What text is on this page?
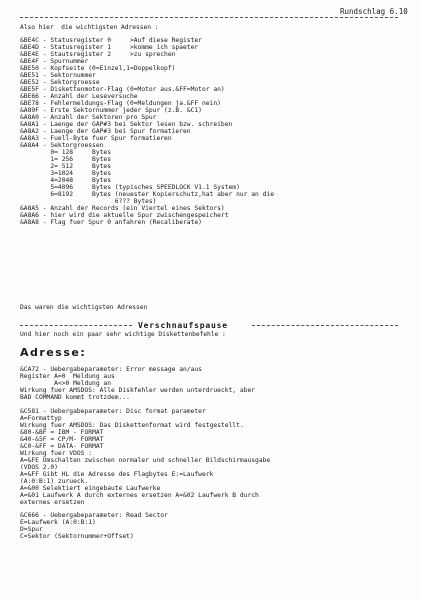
Rundschlag 6.10
Also hier  die wichtigsten Adressen :
&BE4C - Statusregister 0     >Auf diese Register
&BE4D - Statusregister 1     >komme ich spaeter
&BE4E - Stautsregister 2     >zu sprechen
&BE4F - Spurnummer
&BE50 - Kopfseite (0=Einzel,1=Doppelkopf)
&BE51 - Sektornummer
&BE52 - Sektorgroesse
&BE5F - Diskettenmotor-Flag (0=Motor aus.&FF=Motor an)
&BE66 - Anzahl der Leseversuche
&BE78 - Fehlermeldungs-Flag (0=Meldungen ja.&FF nein)
&A89F - Erste Sektornummer jeder Spur (z.B. &C1)
&A8A0 - Anzahl der Sektoren pro Spur
&A8A1 - Laenge der GAP#3 bei Sektor lesen bzw. schreiben
&A8A2 - Laenge der GAP#3 bei Spur formatieren
&A8A3 - Fuell-Byte fuer Spur formatieren
&A8A4 - Sektorgroessen
0= 128     Bytes
1= 256     Bytes
2= 512     Bytes
3=1024     Bytes
4=2048     Bytes
5=4096     Bytes (typisches SPEEDLOCK V1.1 System)
6=8192     Bytes (neuester Kopierschutz,hat aber nur an die
6??? Bytes)
&A8A5 - Anzahl der Records (ein Viertel eines Sektors)
&A8A6 - hier wird die aktuelle Spur zwischengespeichert
&A8A8 - Flag fuer Spur 0 anfahren (Recaliberate)
Das waren die wichtigsten Adressen
Verschnaufspause
Und hier noch ein paar sehr wichtige Diskettenbefehle :
Adresse:
&CA72 - Uebergabeparameter: Error message an/aus
Register A=0  Meldung aus
A<>0 Meldung an
Wirkung fuer AMSDOS: Alle Diskfehler werden unterdrueckt, aber
BAD COMMAND kommt trotzdem...
&C581 - Uebergabeparameter: Disc format parameter
A=Formattyp
Wirkung fuer AMSDOS: Das Diskettenformat wird festgestellt.
&80-&BF = IBM - FORMAT
&40-&5F = CP/M- FORMAT
&C0-&FF = DATA- FORMAT
Wirkung fuer VDOS :
A=&FE Umschalten zwischen normaler und schneller Bildschirmausgabe
(VDOS 2.0)
A=&FF Gibt HL die Adresse des Flagbytes E:=Laufwerk
(A:0:B:1) zurueck.
A=&00 Selektiert eingebaute Laufwerke
A=&01 Laufwerk A durch externes ersetzen A=&02 Laufwerk B durch
externes ersetzen
&C666 - Uebergabeparameter: Read Sector
E=Laufwerk (A:0:B:1)
D=Spur
C=Sektor (Sektornummer+Offset)
